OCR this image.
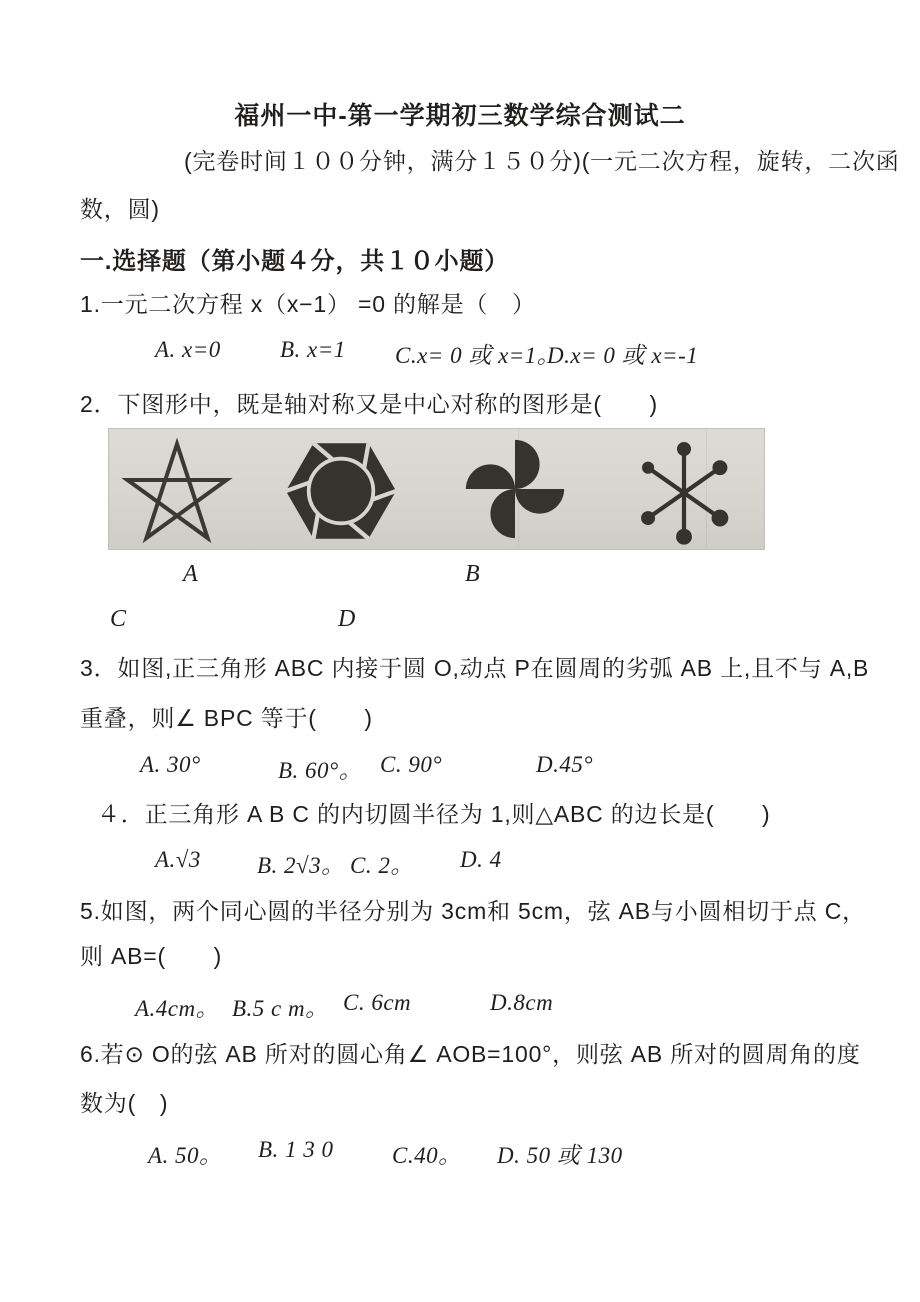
福州一中-第一学期初三数学综合测试二
(完卷时间１００分钟，满分１５０分)(一元二次方程，旋转，二次函
数，圆)
一.选择题（第小题４分，共１０小题）
1.一元二次方程 x（x−1） =0 的解是（　）
A. x=0	B. x=1 C.x= 0 或 x=1。
D.x= 0 或 x=-1
2．下图形中，既是轴对称又是中心对称的图形是(　　)
A	B
C	D
3．如图,正三角形 ABC 内接于圆 O,动点 P在圆周的劣弧 AB 上,且不与 A,B
重叠，则∠ BPC 等于(　　)
A. 30°	B. 60°。 C. 90°	D.45°
４．正三角形 A B C 的内切圆半径为 1,则△ABC 的边长是(　　)
A.√3 B. 2√3。 C. 2。 D. 4
5.如图，两个同心圆的半径分别为 3cm和 5cm，弦 AB与小圆相切于点 C，
则 AB=(　　)
A.4cm。 B.5 c m。 C. 6cm	D.8cm
6.若⊙ O的弦 AB 所对的圆心角∠ AOB=100°，则弦 AB 所对的圆周角的度
数为(　)
A. 50。 B. 1 3 0	C.40。 D. 50 或 130
